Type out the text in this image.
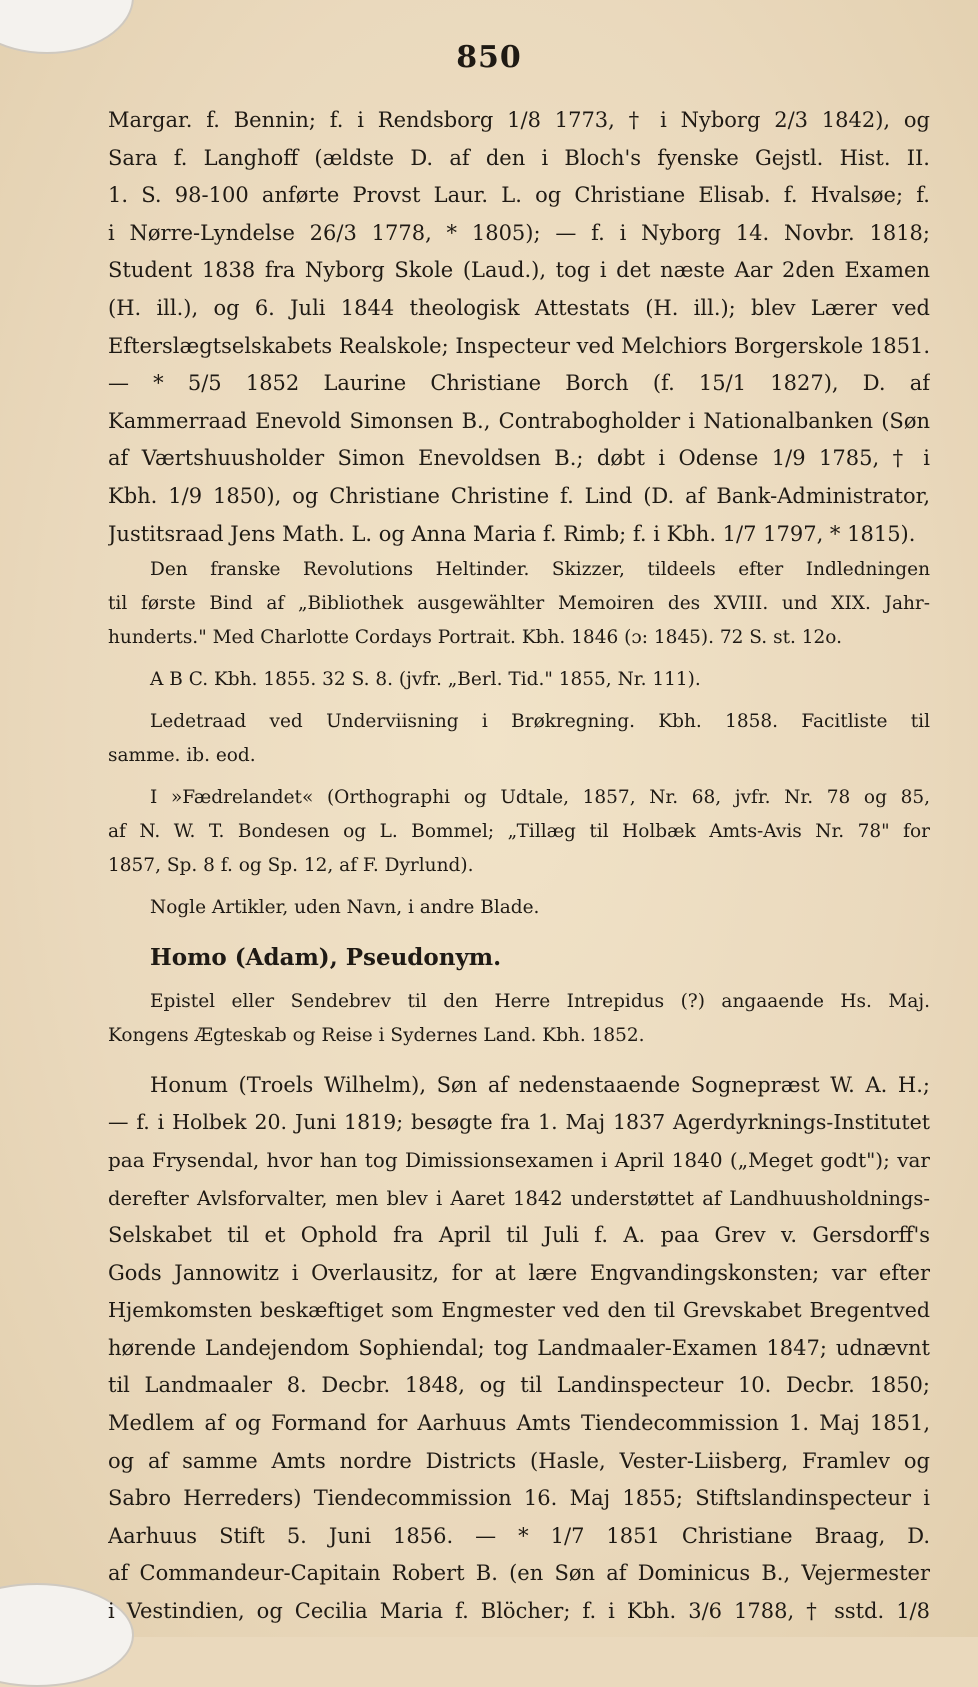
850
Margar. f. Bennin; f. i Rendsborg 1/8 1773, † i Nyborg 2/3 1842), og
Sara f. Langhoff (ældste D. af den i Bloch's fyenske Gejstl. Hist. II.
1. S. 98-100 anførte Provst Laur. L. og Christiane Elisab. f. Hvalsøe; f.
i Nørre-Lyndelse 26/3 1778, * 1805); — f. i Nyborg 14. Novbr. 1818;
Student 1838 fra Nyborg Skole (Laud.), tog i det næste Aar 2den Examen
(H. ill.), og 6. Juli 1844 theologisk Attestats (H. ill.); blev Lærer ved
Efterslægtselskabets Realskole; Inspecteur ved Melchiors Borgerskole 1851.
— * 5/5 1852 Laurine Christiane Borch (f. 15/1 1827), D. af
Kammerraad Enevold Simonsen B., Contrabogholder i Nationalbanken (Søn
af Værtshuusholder Simon Enevoldsen B.; døbt i Odense 1/9 1785, † i
Kbh. 1/9 1850), og Christiane Christine f. Lind (D. af Bank-Administrator,
Justitsraad Jens Math. L. og Anna Maria f. Rimb; f. i Kbh. 1/7 1797, * 1815).
Den franske Revolutions Heltinder. Skizzer, tildeels efter Indledningen
til første Bind af „Bibliothek ausgewählter Memoiren des XVIII. und XIX. Jahr-
hunderts." Med Charlotte Cordays Portrait. Kbh. 1846 (ɔ: 1845). 72 S. st. 12o.
A B C. Kbh. 1855. 32 S. 8. (jvfr. „Berl. Tid." 1855, Nr. 111).
Ledetraad ved Underviisning i Brøkregning. Kbh. 1858. Facitliste til
samme. ib. eod.
I »Fædrelandet« (Orthographi og Udtale, 1857, Nr. 68, jvfr. Nr. 78 og 85,
af N. W. T. Bondesen og L. Bommel; „Tillæg til Holbæk Amts-Avis Nr. 78" for
1857, Sp. 8 f. og Sp. 12, af F. Dyrlund).
Nogle Artikler, uden Navn, i andre Blade.
Homo (Adam), Pseudonym.
Epistel eller Sendebrev til den Herre Intrepidus (?) angaaende Hs. Maj.
Kongens Ægteskab og Reise i Sydernes Land. Kbh. 1852.
Honum (Troels Wilhelm), Søn af nedenstaaende Sognepræst W. A. H.;
— f. i Holbek 20. Juni 1819; besøgte fra 1. Maj 1837 Agerdyrknings-Institutet
paa Frysendal, hvor han tog Dimissionsexamen i April 1840 („Meget godt"); var
derefter Avlsforvalter, men blev i Aaret 1842 understøttet af Landhuusholdnings-
Selskabet til et Ophold fra April til Juli f. A. paa Grev v. Gersdorff's
Gods Jannowitz i Overlausitz, for at lære Engvandingskonsten; var efter
Hjemkomsten beskæftiget som Engmester ved den til Grevskabet Bregentved
hørende Landejendom Sophiendal; tog Landmaaler-Examen 1847; udnævnt
til Landmaaler 8. Decbr. 1848, og til Landinspecteur 10. Decbr. 1850;
Medlem af og Formand for Aarhuus Amts Tiendecommission 1. Maj 1851,
og af samme Amts nordre Districts (Hasle, Vester-Liisberg, Framlev og
Sabro Herreders) Tiendecommission 16. Maj 1855; Stiftslandinspecteur i
Aarhuus Stift 5. Juni 1856. — * 1/7 1851 Christiane Braag, D.
af Commandeur-Capitain Robert B. (en Søn af Dominicus B., Vejermester
i Vestindien, og Cecilia Maria f. Blöcher; f. i Kbh. 3/6 1788, † sstd. 1/8
